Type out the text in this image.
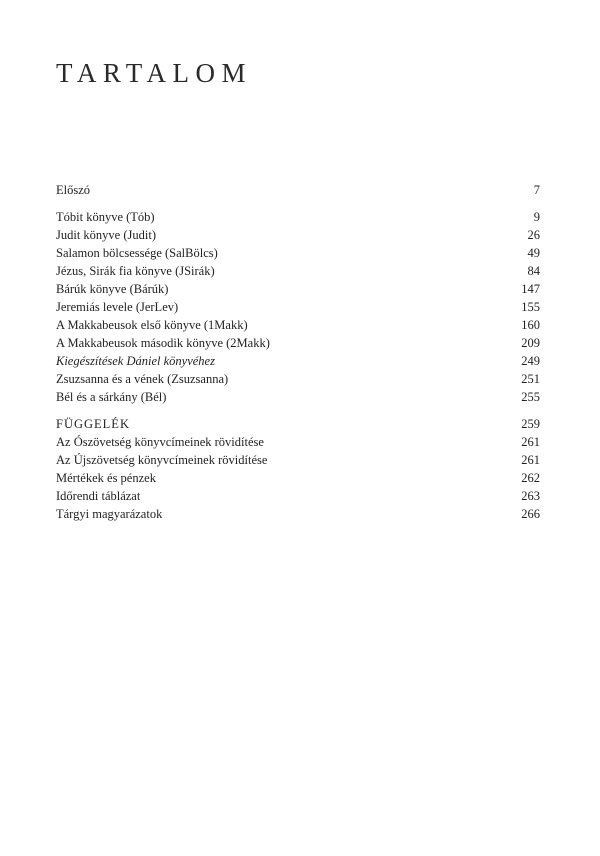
TARTALOM
Előszó	7
Tóbit könyve (Tób)	9
Judit könyve (Judit)	26
Salamon bölcsessége (SalBölcs)	49
Jézus, Sirák fia könyve (JSirák)	84
Bárúk könyve (Bárúk)	147
Jeremiás levele (JerLev)	155
A Makkabeusok első könyve (1Makk)	160
A Makkabeusok második könyve (2Makk)	209
Kiegészítések Dániel könyvéhez	249
Zsuzsanna és a vének (Zsuzsanna)	251
Bél és a sárkány (Bél)	255
FÜGGELÉK	259
Az Ószövetség könyvcímeinek rövidítése	261
Az Újszövetség könyvcímeinek rövidítése	261
Mértékek és pénzek	262
Időrendi táblázat	263
Tárgyi magyarázatok	266
